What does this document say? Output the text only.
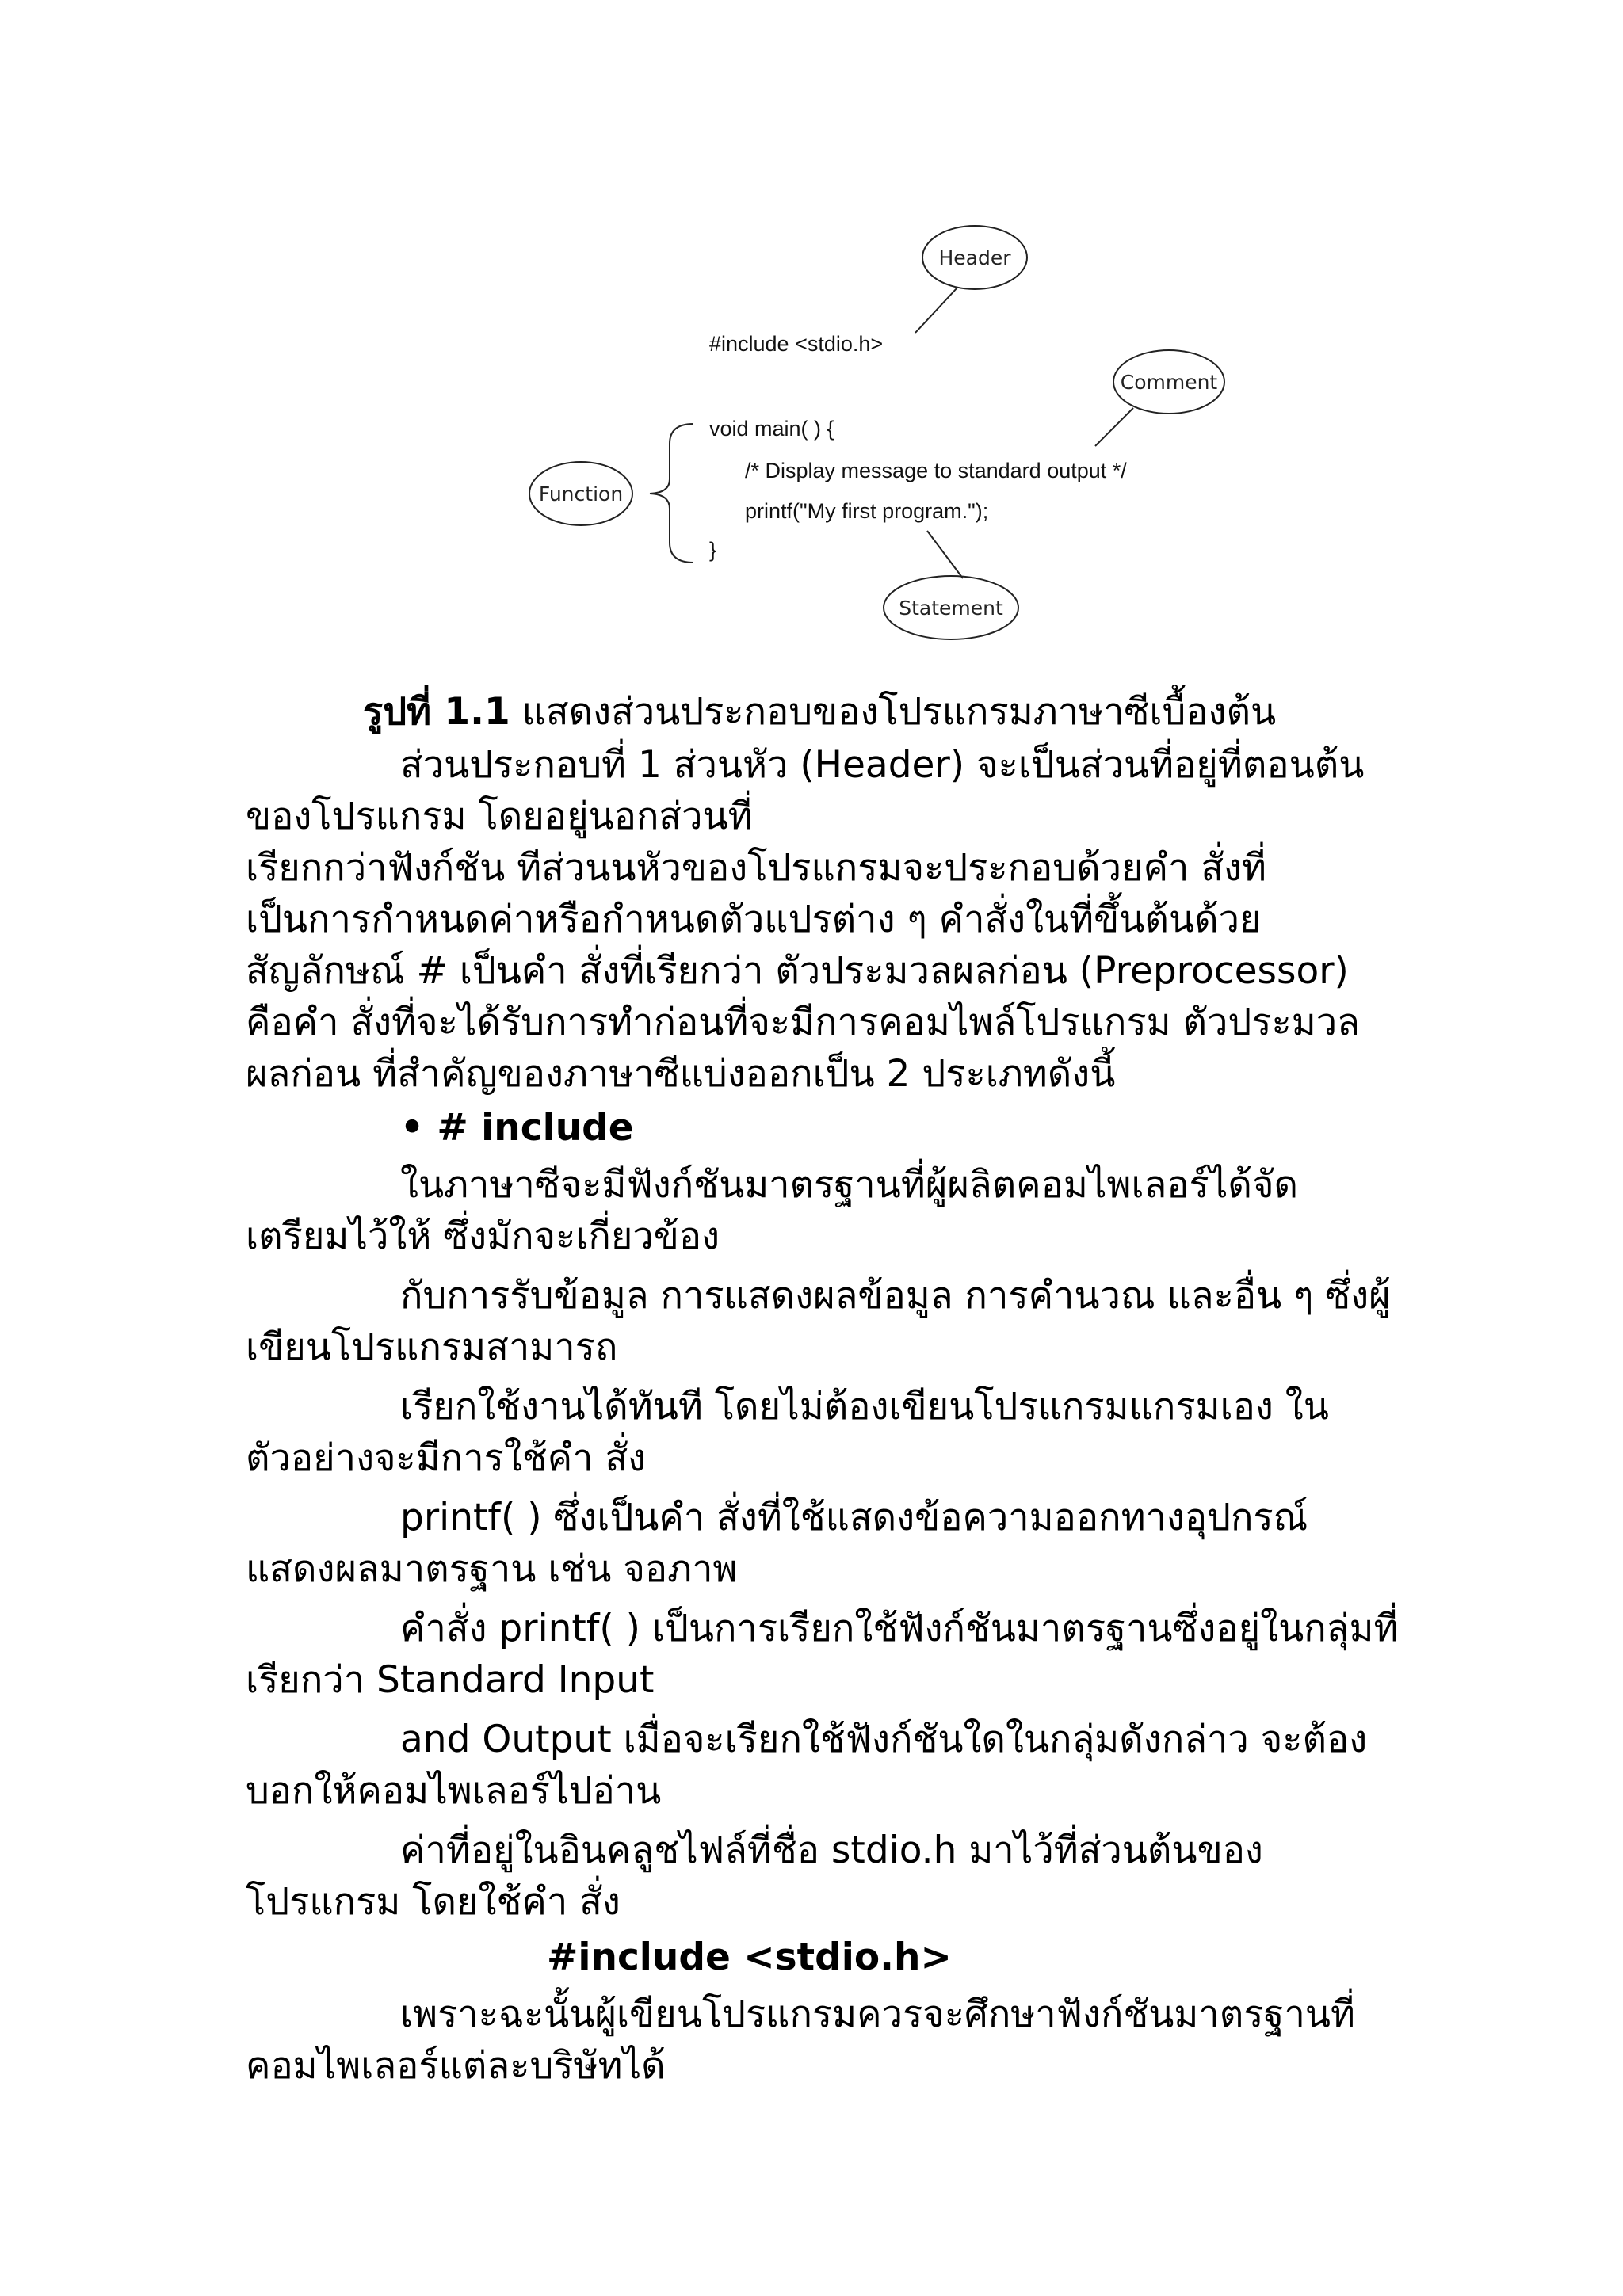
Header
Comment
Function
#include <stdio.h>
void main( ) {
/* Display message to standard output */
printf("My first program.");
}
Statement
รูปที่ 1.1 แสดงส่วนประกอบของโปรแกรมภาษาซีเบื้องต้น
ส่วนประกอบที่ 1 ส่วนหัว (Header) จะเป็นส่วนที่อยู่ที่ตอนต้น
ของโปรแกรม โดยอยู่นอกส่วนที่
เรียกกว่าฟังก์ชัน ทีส่วนนหัวของโปรแกรมจะประกอบด้วยคำ สั่งที่
เป็นการกำหนดค่าหรือกำหนดตัวแปรต่าง ๆ คำสั่งในที่ขึ้นต้นด้วย
สัญลักษณ์ # เป็นคำ สั่งที่เรียกว่า ตัวประมวลผลก่อน (Preprocessor)
คือคำ สั่งที่จะได้รับการทำก่อนที่จะมีการคอมไพล์โปรแกรม ตัวประมวล
ผลก่อน ที่สำคัญของภาษาซีแบ่งออกเป็น 2 ประเภทดังนี้
• # include
ในภาษาซีจะมีฟังก์ชันมาตรฐานที่ผู้ผลิตคอมไพเลอร์ได้จัด
เตรียมไว้ให้ ซึ่งมักจะเกี่ยวข้อง
กับการรับข้อมูล การแสดงผลข้อมูล การคำนวณ และอื่น ๆ ซึ่งผู้
เขียนโปรแกรมสามารถ
เรียกใช้งานได้ทันที โดยไม่ต้องเขียนโปรแกรมแกรมเอง ใน
ตัวอย่างจะมีการใช้คำ สั่ง
printf( ) ซึ่งเป็นคำ สั่งที่ใช้แสดงข้อความออกทางอุปกรณ์
แสดงผลมาตรฐาน เช่น จอภาพ
คำสั่ง printf( ) เป็นการเรียกใช้ฟังก์ชันมาตรฐานซึ่งอยู่ในกลุ่มที่
เรียกว่า Standard Input
and Output เมื่อจะเรียกใช้ฟังก์ชันใดในกลุ่มดังกล่าว จะต้อง
บอกให้คอมไพเลอร์ไปอ่าน
ค่าที่อยู่ในอินคลูชไฟล์ที่ชื่อ stdio.h มาไว้ที่ส่วนต้นของ
โปรแกรม โดยใช้คำ สั่ง
#include <stdio.h>
เพราะฉะนั้นผู้เขียนโปรแกรมควรจะศึกษาฟังก์ชันมาตรฐานที่
คอมไพเลอร์แต่ละบริษัทได้
